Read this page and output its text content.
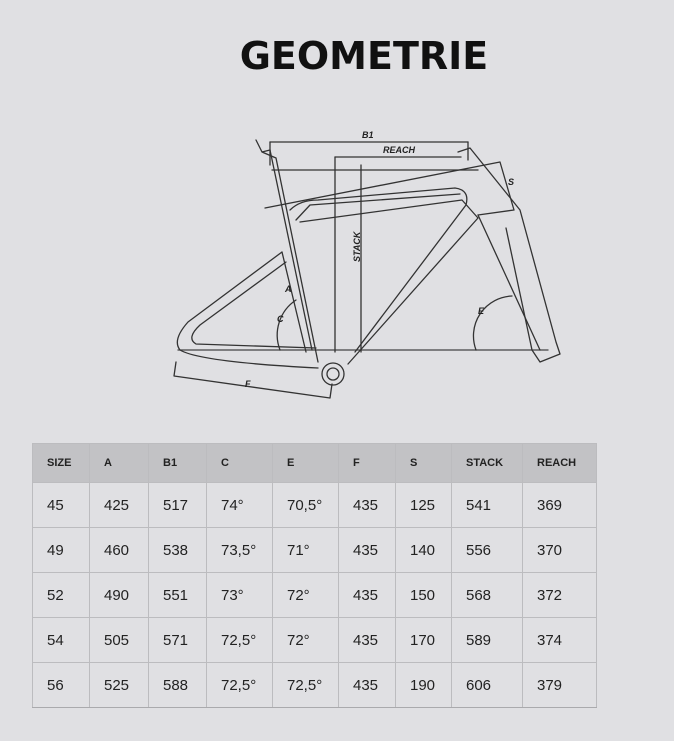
GEOMETRIE
B1
REACH
STACK
S
A
C
E
F
SIZE	A	B1	C	E	F	S	STACK	REACH
45	425	517	74°	70,5°	435	125	541	369
49	460	538	73,5°	71°	435	140	556	370
52	490	551	73°	72°	435	150	568	372
54	505	571	72,5°	72°	435	170	589	374
56	525	588	72,5°	72,5°	435	190	606	379
